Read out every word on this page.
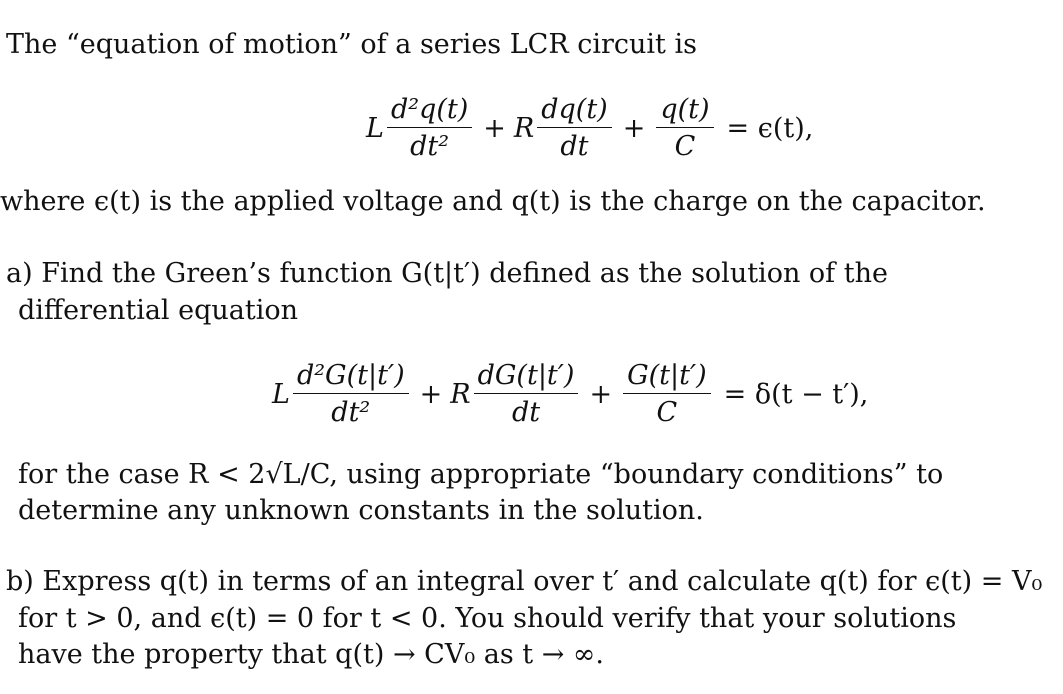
The “equation of motion” of a series LCR circuit is
L $\frac{\text{d²q(t)}}{\text{dt²}} + R \frac{dq(t)}{dt} + \frac{q(t)}{C} = \epsilon(t)$,
where ϵ(t) is the applied voltage and q(t) is the charge on the capacitor.
a) Find the Green’s function G(t|t′) defined as the solution of the
differential equation
L $\frac{\text{d²G(t|t′)}}{\text{dt²}} + R \frac{dG(t|t')}{dt} + \frac{G(t|t')}{C} = \delta(t - t')$,
for the case R < 2√L/C, using appropriate “boundary conditions” to
determine any unknown constants in the solution.
b) Express q(t) in terms of an integral over t′ and calculate q(t) for ϵ(t) = V₀
for t > 0, and ϵ(t) = 0 for t < 0. You should verify that your solutions
have the property that q(t) → CV₀ as t → ∞.
